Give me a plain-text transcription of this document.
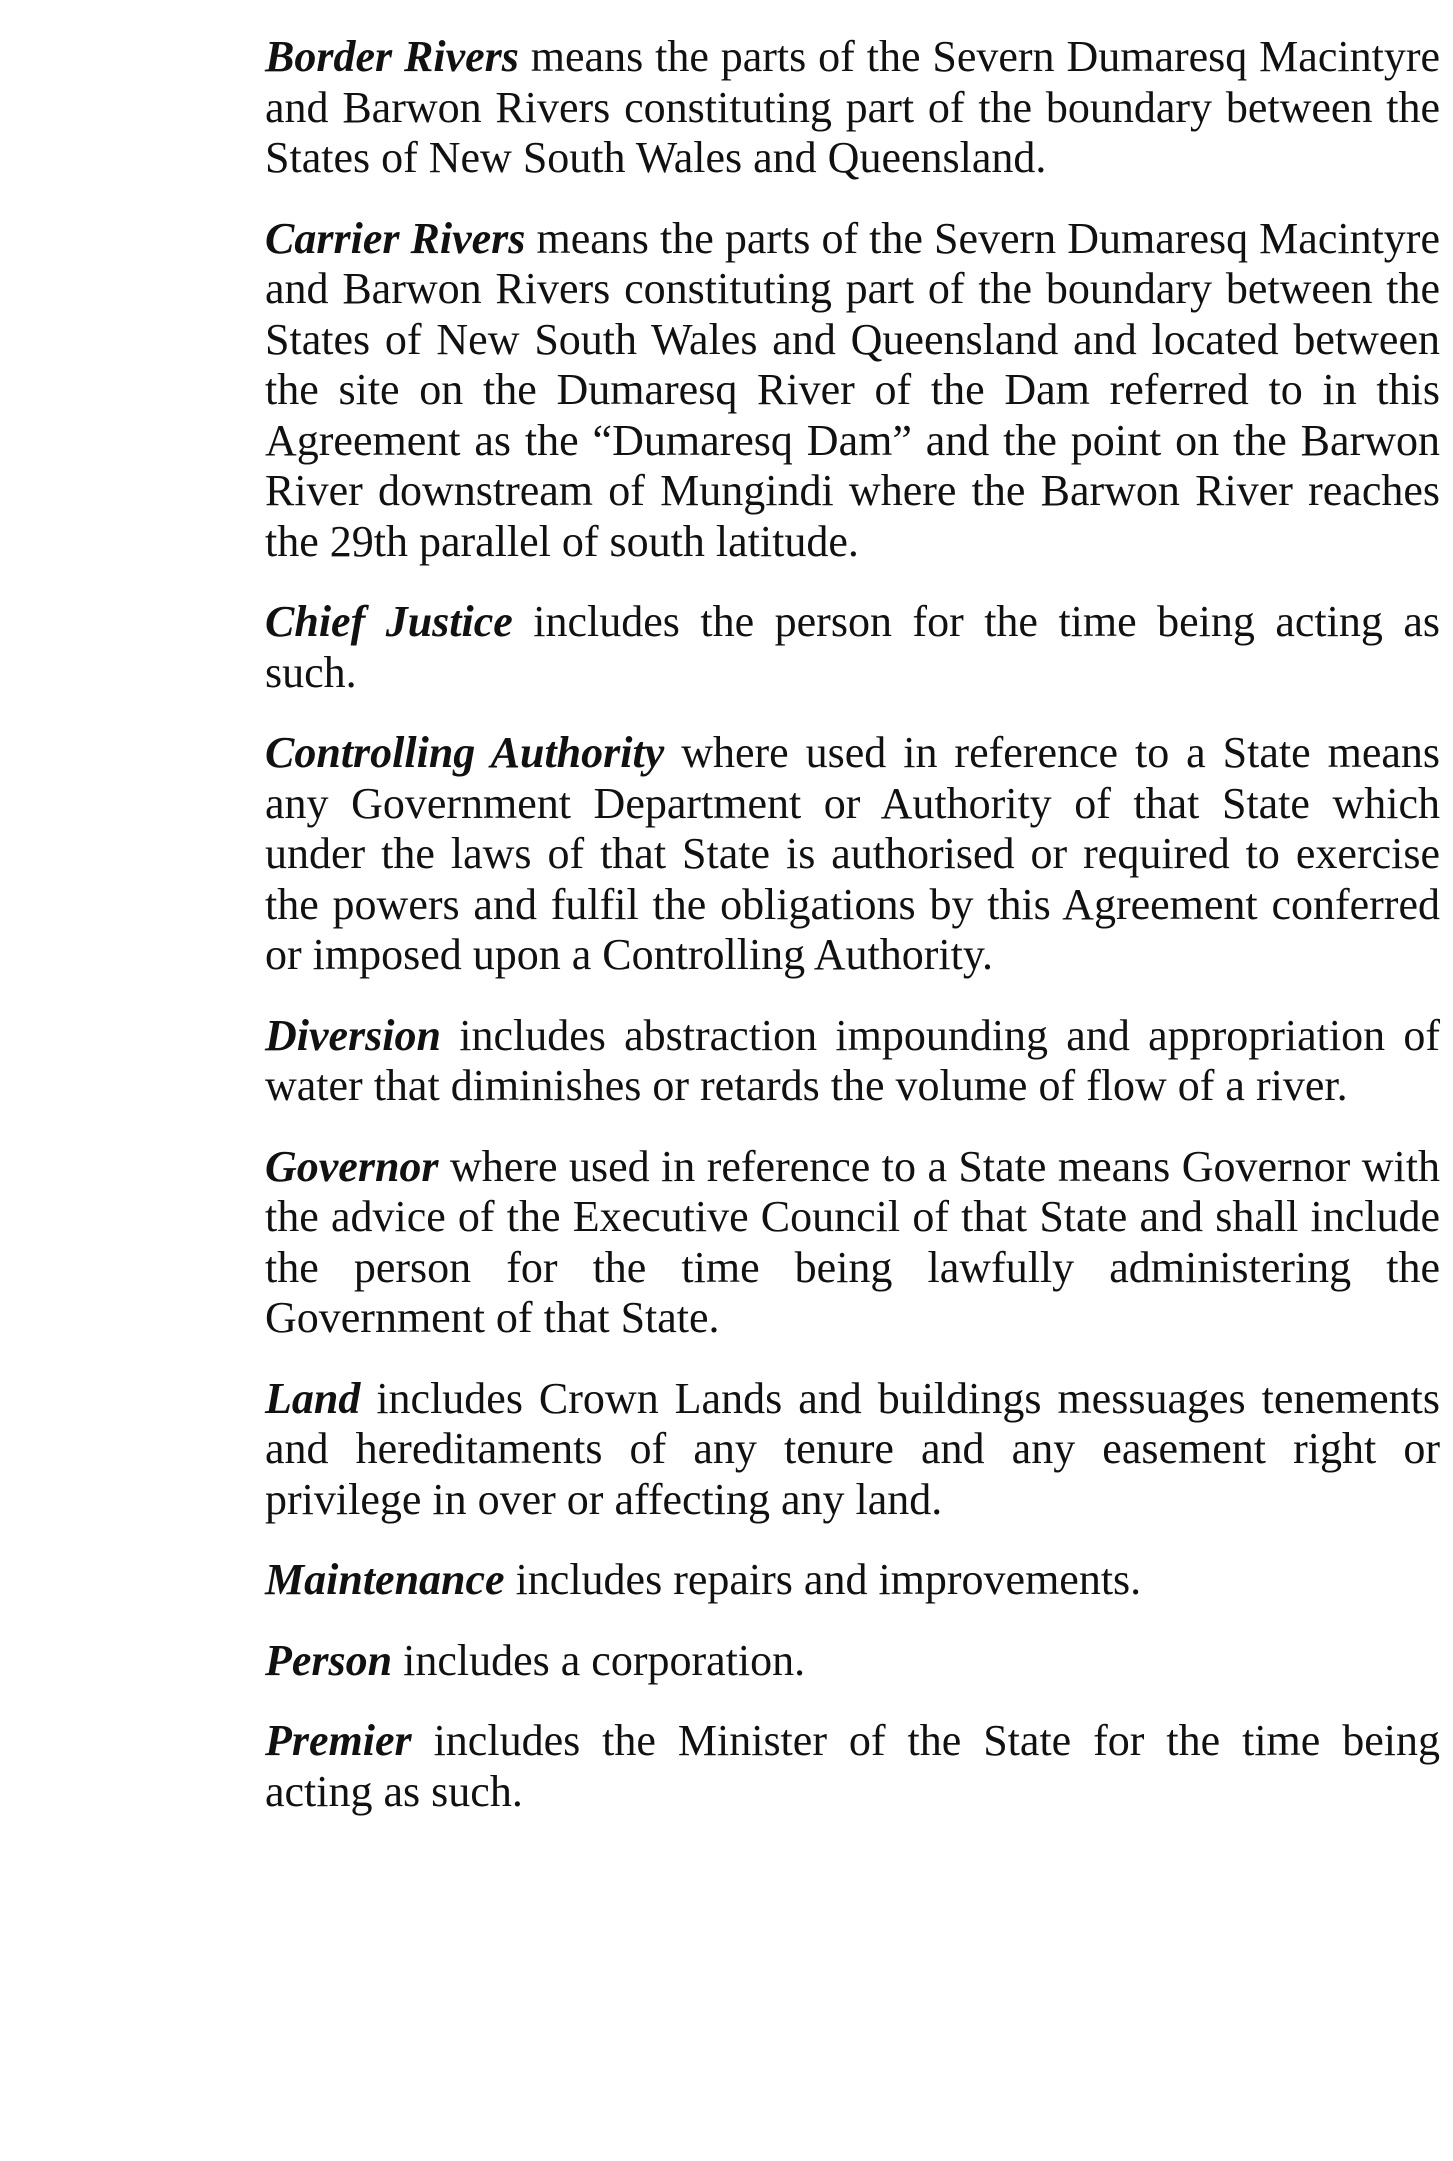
Border Rivers means the parts of the Severn Dumaresq Macintyre and Barwon Rivers constituting part of the boundary between the States of New South Wales and Queensland.

Carrier Rivers means the parts of the Severn Dumaresq Macintyre and Barwon Rivers constituting part of the boundary between the States of New South Wales and Queensland and located between the site on the Dumaresq River of the Dam referred to in this Agreement as the “Dumaresq Dam” and the point on the Barwon River downstream of Mungindi where the Barwon River reaches the 29th parallel of south latitude.

Chief Justice includes the person for the time being acting as such.

Controlling Authority where used in reference to a State means any Government Department or Authority of that State which under the laws of that State is authorised or required to exercise the powers and fulfil the obligations by this Agreement conferred or imposed upon a Controlling Authority.

Diversion includes abstraction impounding and appropriation of water that diminishes or retards the volume of flow of a river.

Governor where used in reference to a State means Governor with the advice of the Executive Council of that State and shall include the person for the time being lawfully administering the Government of that State.

Land includes Crown Lands and buildings messuages tenements and hereditaments of any tenure and any easement right or privilege in over or affecting any land.

Maintenance includes repairs and improvements.

Person includes a corporation.

Premier includes the Minister of the State for the time being acting as such.
